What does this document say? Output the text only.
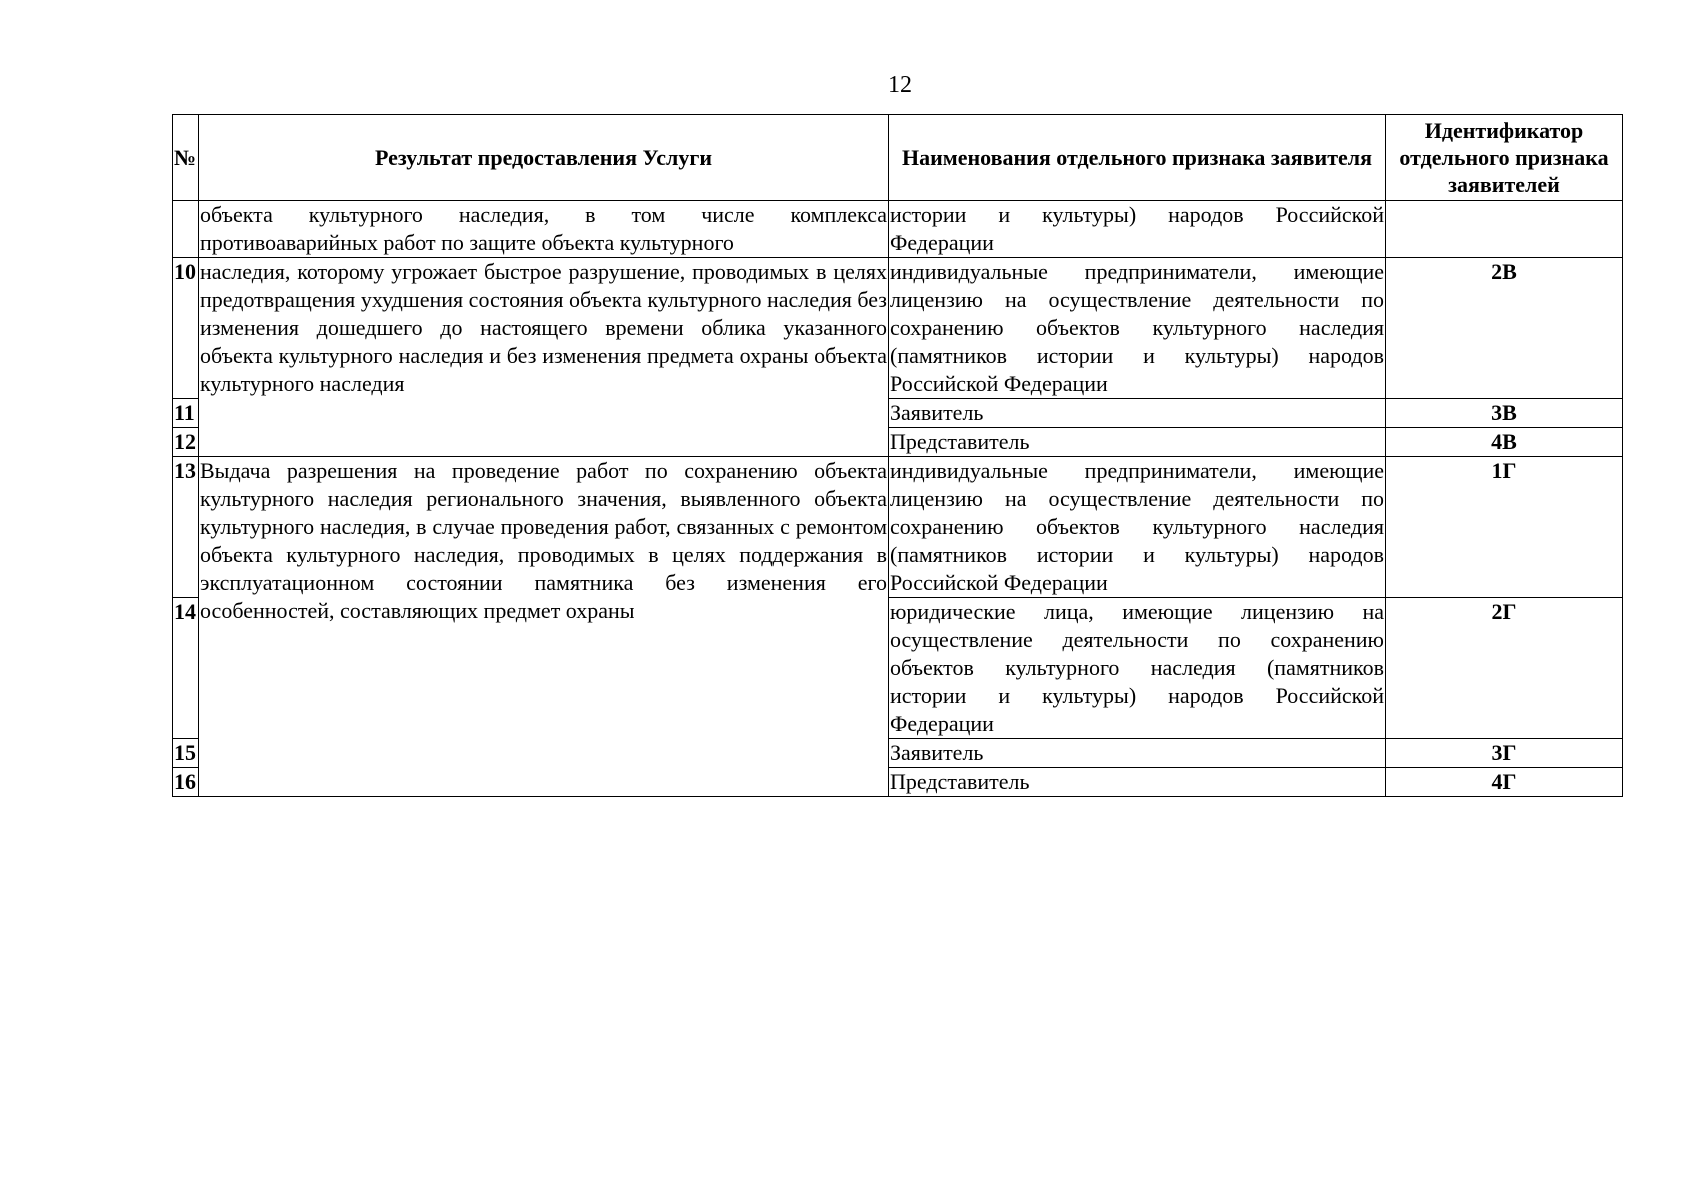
12
№	Результат предоставления Услуги	Наименования отдельного признака заявителя	Идентификатор отдельного признака заявителей
	объекта культурного наследия, в том числе комплекса противоаварийных работ по защите объекта культурного	истории и культуры) народов Российской Федерации	
10	наследия, которому угрожает быстрое разрушение, проводимых в целях предотвращения ухудшения состояния объекта культурного наследия без изменения дошедшего до настоящего времени облика указанного объекта культурного наследия и без изменения предмета охраны объекта культурного наследия	индивидуальные предприниматели, имеющие лицензию на осуществление деятельности по сохранению объектов культурного наследия (памятников истории и культуры) народов Российской Федерации	2В
11		Заявитель	3В
12		Представитель	4В
13	Выдача разрешения на проведение работ по сохранению объекта культурного наследия регионального значения, выявленного объекта культурного наследия, в случае проведения работ, связанных с ремонтом объекта культурного наследия, проводимых в целях поддержания в эксплуатационном состоянии памятника без изменения его особенностей, составляющих предмет охраны	индивидуальные предприниматели, имеющие лицензию на осуществление деятельности по сохранению объектов культурного наследия (памятников истории и культуры) народов Российской Федерации	1Г
14		юридические лица, имеющие лицензию на осуществление деятельности по сохранению объектов культурного наследия (памятников истории и культуры) народов Российской Федерации	2Г
15		Заявитель	3Г
16		Представитель	4Г
